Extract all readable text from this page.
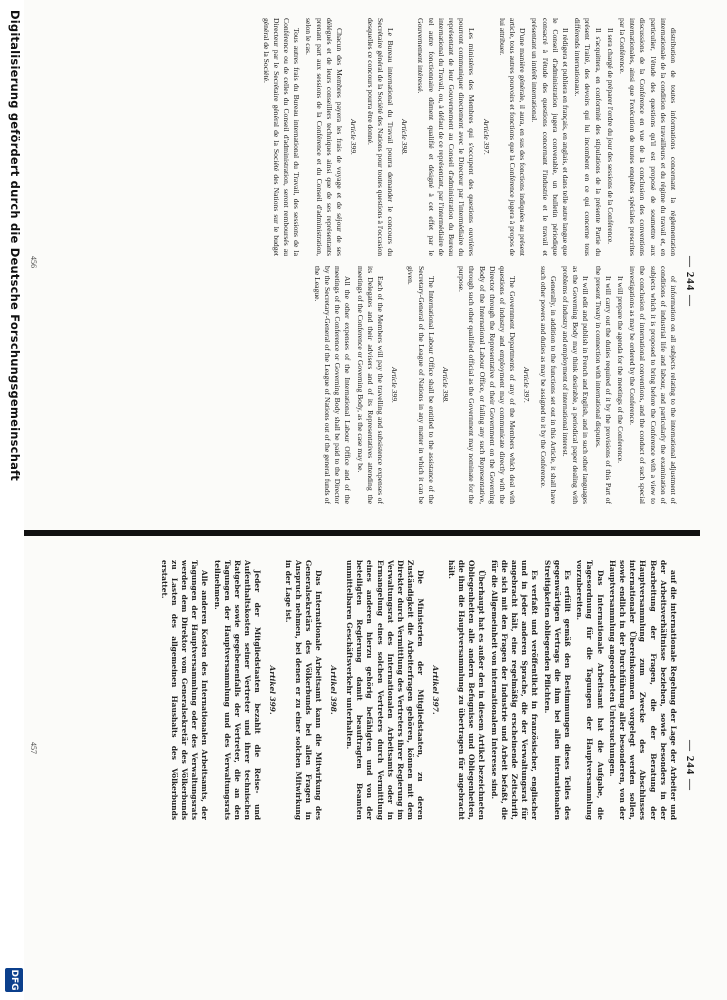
— 244 —

distribution de toutes informations concernant la réglementation internationale de la condition des travailleurs et du régime du travail et, en particulier, l'étude des questions qu'il est proposé de soumettre aux discussions de la Conférence en vue de la conclusion des conventions internationales, ainsi que l'exécution de toutes enquêtes spéciales prescrites par la Conférence.

Il sera chargé de préparer l'ordre du jour des sessions de la Conférence.

Il s'acquittera, en conformité des stipulations de la présente Partie du présent Traité, des devoirs qui lui incombent en ce qui concerne tous différends internationaux.

Il rédigera et publiera en français, en anglais, et dans telle autre langue que le Conseil d'administration jugera convenable, un bulletin périodique consacré à l'étude des questions concernant l'industrie et le travail et présentant un intérêt international.

D'une manière générale, il aura, en sus des fonctions indiquées au présent article, tous autres pouvoirs et fonctions que la Conférence jugera à propos de lui attribuer.

Article 397.

Les ministères des Membres qui s'occupent des questions ouvrières pourront communiquer directement avec le Directeur par l'intermédiaire du représentant de leur Gouvernement au Conseil d'administration du Bureau international du Travail, ou, à défaut de ce représentant, par l'intermédiaire de tel autre fonctionnaire dûment qualifié et désigné à cet effet par le Gouvernement intéressé.

Article 398.

Le Bureau international du Travail pourra demander le concours du Secrétaire général de la Société des Nations pour toutes questions à l'occasion desquelles ce concours pourra être donné.

Article 399.

Chacun des Membres payera les frais de voyage et de séjour de ses délégués et de leurs conseillers techniques ainsi que de ses représentants prenant part aux sessions de la Conférence et du Conseil d'administration, selon le cas.

Tous autres frais du Bureau international du Travail, des sessions de la Conférence ou de celles du Conseil d'administration, seront remboursés au Directeur par le Secrétaire général de la Société des Nations sur le budget général de la Société.

of information on all subjects relating to the international adjustment of conditions of industrial life and labour, and particularly the examination of subjects which it is proposed to bring before the Conference with a view to the conclusion of international conventions, and the conduct of such special investigations as may be ordered by the Conference.

It will prepare the agenda for the meetings of the Conference.

It will carry out the duties required of it by the provisions of this Part of the present Treaty in connection with international disputes.

It will edit and publish in French and English, and in such other languages as the Governing Body may think desirable, a periodical paper dealing with problems of industry and employment of international interest.

Generally, in addition to the functions set out in this Article, it shall have such other powers and duties as may be assigned to it by the Conference.

Article 397.

The Government Departments of any of the Members which deal with questions of industry and employment may communicate directly with the Director through the Representative of their Government on the Governing Body of the International Labour Office, or failing any such Representative, through such other qualified official as the Government may nominate for the purpose.

Article 398.

The International Labour Office shall be entitled to the assistance of the Secretary-General of the League of Nations in any matter in which it can be given.

Article 399.

Each of the Members will pay the travelling and subsistence expenses of its Delegates and their advisers and of its Representatives attending the meetings of the Conference or Governing Body, as the case may be.

All the other expenses of the International Labour Office and of the meetings of the Conference or Governing Body shall be paid to the Director by the Secretary-General of the League of Nations out of the general funds of the League.

456
— 244 —

auf die internationale Regelung der Lage der Arbeiter und der Arbeitsverhältnisse beziehen, sowie besonders in der Bearbeitung der Fragen, die der Beratung der Hauptversammlung zum Zwecke des Abschlusses internationaler Übereinkommen vorgelegt werden sollen, sowie endlich in der Durchführung aller besonderen, von der Hauptversammlung angeordneten Untersuchungen.

Das Internationale Arbeitsamt hat die Aufgabe, die Tagesordnung für die Tagungen der Hauptversammlung vorzubereiten.

Es erfüllt gemäß den Bestimmungen dieses Teiles des gegenwärtigen Vertrags die ihm bei allen internationalen Streitigkeiten obliegenden Pflichten.

Es verfaßt und veröffentlicht in französischer, englischer und in jeder anderen Sprache, die der Verwaltungsrat für angebracht hält, eine regelmäßig erscheinende Zeitschrift, die sich mit den Fragen der Industrie und Arbeit befaßt, die für die Allgemeinheit von internationalem Interesse sind.

Überhaupt hat es außer den in diesem Artikel bezeichneten Obliegenheiten alle andern Befugnisse und Obliegenheiten, die ihm die Hauptversammlung zu übertragen für angebracht hält.

Artikel 397.

Die Ministerien der Mitgliedstaaten, zu deren Zuständigkeit die Arbeiterfragen gehören, können mit dem Direkter durch Vermittlung des Vertreters ihrer Regierung im Verwaltungsrat des Internationalen Arbeitsamts oder in Ermangelung eines solchen Vertreters durch Vermittlung eines anderen hierzu gehörig befähigten und von der beteiligten Regierung damit beauftragten Beamten unmittelbaren Geschäftsverkehr unterhalten.

Artikel 398.

Das Internationale Arbeitsamt kann die Mitwirkung des Generalsekretärs des Völkerbunds bei allen Fragen in Anspruch nehmen, bei denen er zu einer solchen Mitwirkung in der Lage ist.

Artikel 399.

Jeder der Mitgliedstaaten bezahlt die Reise- und Aufenthaltskosten seiner Vertreter und ihrer technischen Ratgeber sowie gegebenenfalls der Vertreter, die an den Tagungen der Hauptversammlung und des Verwaltungsrats teilnehmen.

Alle anderen Kosten des Internationalen Arbeitsamts, der Tagungen der Hauptversammlung oder des Verwaltungsrats werden dem Direktor vom Generalsekretär des Völkerbunds zu Lasten des allgemeinen Haushalts des Völkerbunds erstattet.

457
Digitalisierung gefördert durch die Deutsche Forschungsgemeinschaft
DFG
